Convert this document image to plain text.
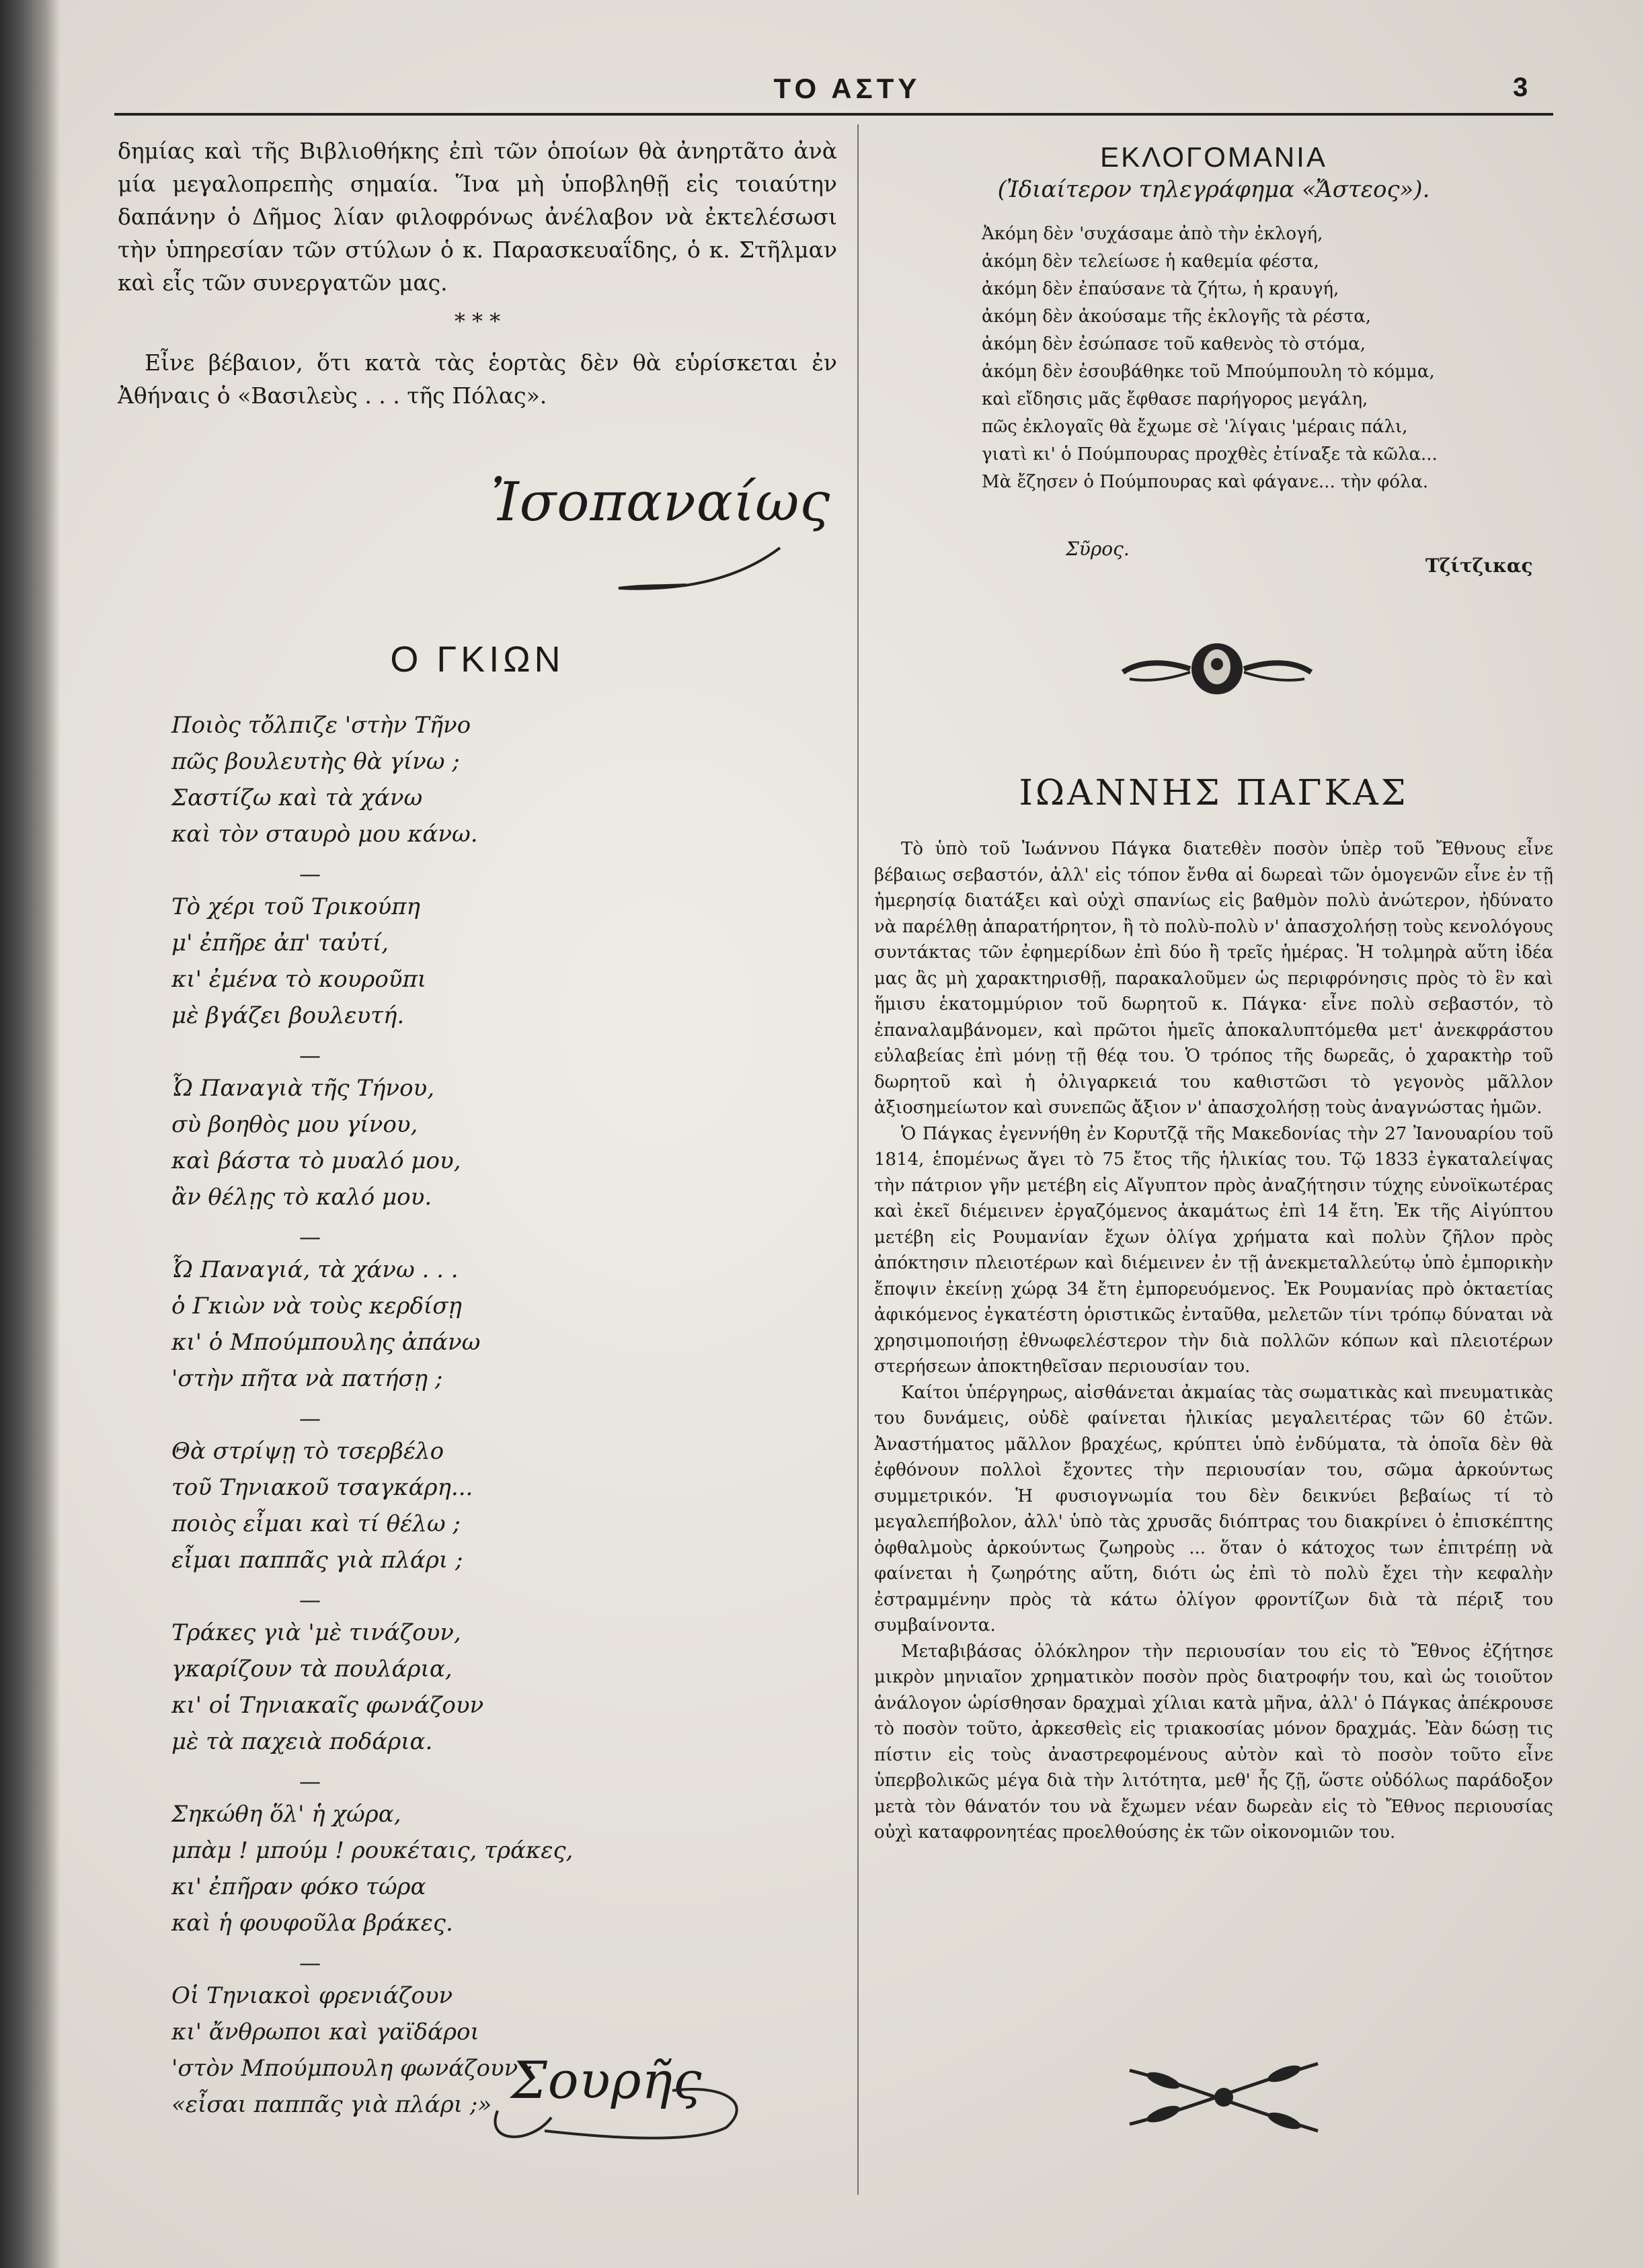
ΤΟ ΑΣΤΥ	3

δημίας καὶ τῆς Βιβλιοθήκης ἐπὶ τῶν ὁποίων θὰ ἀνηρτᾶτο ἀνὰ μία μεγαλοπρεπὴς σημαία. Ἵνα μὴ ὑποβληθῇ εἰς τοιαύτην δαπάνην ὁ Δῆμος λίαν φιλοφρόνως ἀνέλαβον νὰ ἐκτελέσωσι τὴν ὑπηρεσίαν τῶν στύλων ὁ κ. Παρασκευαΐδης, ὁ κ. Στῆλμαν καὶ εἷς τῶν συνεργατῶν μας.

* * *

Εἶνε βέβαιον, ὅτι κατὰ τὰς ἑορτὰς δὲν θὰ εὑρίσκεται ἐν Ἀθήναις ὁ «Βασιλεὺς . . . τῆς Πόλας».

Ἰσοπαναίως
Ο ΓΚΙΩΝ

Ποιὸς τὄλπιζε 'στὴν Τῆνο

πῶς βουλευτὴς θὰ γίνω ;

Σαστίζω καὶ τὰ χάνω

καὶ τὸν σταυρὸ μου κάνω.

—

Τὸ χέρι τοῦ Τρικούπη

μ' ἐπῆρε ἀπ' ταὐτί,

κι' ἐμένα τὸ κουροῦπι

μὲ βγάζει βουλευτή.

—

Ὦ Παναγιὰ τῆς Τήνου,

σὺ βοηθὸς μου γίνου,

καὶ βάστα τὸ μυαλό μου,

ἂν θέλῃς τὸ καλό μου.

—

Ὦ Παναγιά, τὰ χάνω . . .

ὁ Γκιὼν νὰ τοὺς κερδίσῃ

κι' ὁ Μπούμπουλης ἀπάνω

'στὴν πῆτα νὰ πατήσῃ ;

—

Θὰ στρίψῃ τὸ τσερβέλο

τοῦ Τηνιακοῦ τσαγκάρη...

ποιὸς εἶμαι καὶ τί θέλω ;

εἶμαι παππᾶς γιὰ πλάρι ;

—

Τράκες γιὰ 'μὲ τινάζουν,

γκαρίζουν τὰ πουλάρια,

κι' οἱ Τηνιακαῖς φωνάζουν

μὲ τὰ παχειὰ ποδάρια.

—

Σηκώθη ὅλ' ἡ χώρα,

μπὰμ ! μπούμ ! ρουκέταις, τράκες,

κι' ἐπῆραν φόκο τώρα

καὶ ἡ φουφοῦλα βράκες.

—

Οἱ Τηνιακοὶ φρενιάζουν

κι' ἄνθρωποι καὶ γαϊδάροι

'στὸν Μπούμπουλη φωνάζουν :

«εἶσαι παππᾶς γιὰ πλάρι ;» Σουρῆς
ΕΚΛΟΓΟΜΑΝΙΑ
(Ἰδιαίτερον τηλεγράφημα «Ἄστεος»).

Ἀκόμη δὲν 'συχάσαμε ἀπὸ τὴν ἐκλογή,

ἀκόμη δὲν τελείωσε ἡ καθεμία φέστα,

ἀκόμη δὲν ἐπαύσανε τὰ ζήτω, ἡ κραυγή,

ἀκόμη δὲν ἀκούσαμε τῆς ἐκλογῆς τὰ ρέστα,

ἀκόμη δὲν ἐσώπασε τοῦ καθενὸς τὸ στόμα,

ἀκόμη δὲν ἐσουβάθηκε τοῦ Μπούμπουλη τὸ κόμμα,

καὶ εἴδησις μᾶς ἔφθασε παρήγορος μεγάλη,

πῶς ἐκλογαῖς θὰ ἔχωμε σὲ 'λίγαις 'μέραις πάλι,

γιατὶ κι' ὁ Πούμπουρας προχθὲς ἐτίναξε τὰ κῶλα...

Μὰ ἔζησεν ὁ Πούμπουρας καὶ φάγανε... τὴν φόλα.

Σῦρος.
Τζίτζικας
ΙΩΑΝΝΗΣ ΠΑΓΚΑΣ

Τὸ ὑπὸ τοῦ Ἰωάννου Πάγκα διατεθὲν ποσὸν ὑπὲρ τοῦ Ἔθνους εἶνε βέβαιως σεβαστόν, ἀλλ' εἰς τόπον ἔνθα αἱ δωρεαὶ τῶν ὁμογενῶν εἶνε ἐν τῇ ἡμερησίᾳ διατάξει καὶ οὐχὶ σπανίως εἰς βαθμὸν πολὺ ἀνώτερον, ἠδύνατο νὰ παρέλθῃ ἀπαρατήρητον, ἢ τὸ πολὺ-πολὺ ν' ἀπασχολήσῃ τοὺς κενολόγους συντάκτας τῶν ἐφημερίδων ἐπὶ δύο ἢ τρεῖς ἡμέρας. Ἡ τολμηρὰ αὕτη ἰδέα μας ἂς μὴ χαρακτηρισθῇ, παρακαλοῦμεν ὡς περιφρόνησις πρὸς τὸ ἓν καὶ ἥμισυ ἑκατομμύριον τοῦ δωρητοῦ κ. Πάγκα· εἶνε πολὺ σεβαστόν, τὸ ἐπαναλαμβάνομεν, καὶ πρῶτοι ἡμεῖς ἀποκαλυπτόμεθα μετ' ἀνεκφράστου εὐλαβείας ἐπὶ μόνῃ τῇ θέᾳ του. Ὁ τρόπος τῆς δωρεᾶς, ὁ χαρακτὴρ τοῦ δωρητοῦ καὶ ἡ ὀλιγαρκειά του καθιστῶσι τὸ γεγονὸς μᾶλλον ἀξιοσημείωτον καὶ συνεπῶς ἄξιον ν' ἀπασχολήσῃ τοὺς ἀναγνώστας ἡμῶν.

Ὁ Πάγκας ἐγεννήθη ἐν Κορυτζᾷ τῆς Μακεδονίας τὴν 27 Ἰανουαρίου τοῦ 1814, ἑπομένως ἄγει τὸ 75 ἔτος τῆς ἡλικίας του. Τῷ 1833 ἐγκαταλείψας τὴν πάτριον γῆν μετέβη εἰς Αἴγυπτον πρὸς ἀναζήτησιν τύχης εὐνοϊκωτέρας καὶ ἐκεῖ διέμεινεν ἐργαζόμενος ἀκαμάτως ἐπὶ 14 ἔτη. Ἐκ τῆς Αἰγύπτου μετέβη εἰς Ρουμανίαν ἔχων ὀλίγα χρήματα καὶ πολὺν ζῆλον πρὸς ἀπόκτησιν πλειοτέρων καὶ διέμεινεν ἐν τῇ ἀνεκμεταλλεύτῳ ὑπὸ ἐμπορικὴν ἔποψιν ἐκείνῃ χώρᾳ 34 ἔτη ἐμπορευόμενος. Ἐκ Ρουμανίας πρὸ ὀκταετίας ἀφικόμενος ἐγκατέστη ὁριστικῶς ἐνταῦθα, μελετῶν τίνι τρόπῳ δύναται νὰ χρησιμοποιήσῃ ἐθνωφελέστερον τὴν διὰ πολλῶν κόπων καὶ πλειοτέρων στερήσεων ἀποκτηθεῖσαν περιουσίαν του.

Καίτοι ὑπέργηρως, αἰσθάνεται ἀκμαίας τὰς σωματικὰς καὶ πνευματικὰς του δυνάμεις, οὐδὲ φαίνεται ἡλικίας μεγαλειτέρας τῶν 60 ἐτῶν. Ἀναστήματος μᾶλλον βραχέως, κρύπτει ὑπὸ ἐνδύματα, τὰ ὁποῖα δὲν θὰ ἐφθόνουν πολλοὶ ἔχοντες τὴν περιουσίαν του, σῶμα ἀρκούντως συμμετρικόν. Ἡ φυσιογνωμία του δὲν δεικνύει βεβαίως τί τὸ μεγαλεπήβολον, ἀλλ' ὑπὸ τὰς χρυσᾶς διόπτρας του διακρίνει ὁ ἐπισκέπτης ὀφθαλμοὺς ἀρκούντως ζωηροὺς ... ὅταν ὁ κάτοχος των ἐπιτρέπῃ νὰ φαίνεται ἡ ζωηρότης αὕτη, διότι ὡς ἐπὶ τὸ πολὺ ἔχει τὴν κεφαλὴν ἐστραμμένην πρὸς τὰ κάτω ὀλίγον φροντίζων διὰ τὰ πέριξ του συμβαίνοντα.

Μεταβιβάσας ὁλόκληρον τὴν περιουσίαν του εἰς τὸ Ἔθνος ἐζήτησε μικρὸν μηνιαῖον χρηματικὸν ποσὸν πρὸς διατροφήν του, καὶ ὡς τοιοῦτον ἀνάλογον ὡρίσθησαν δραχμαὶ χίλιαι κατὰ μῆνα, ἀλλ' ὁ Πάγκας ἀπέκρουσε τὸ ποσὸν τοῦτο, ἀρκεσθεὶς εἰς τριακοσίας μόνον δραχμάς. Ἐὰν δώσῃ τις πίστιν εἰς τοὺς ἀναστρεφομένους αὐτὸν καὶ τὸ ποσὸν τοῦτο εἶνε ὑπερβολικῶς μέγα διὰ τὴν λιτότητα, μεθ' ἧς ζῇ, ὥστε οὐδόλως παράδοξον μετὰ τὸν θάνατόν του νὰ ἔχωμεν νέαν δωρεὰν εἰς τὸ Ἔθνος περιουσίας οὐχὶ καταφρονητέας προελθούσης ἐκ τῶν οἰκονομιῶν του.
